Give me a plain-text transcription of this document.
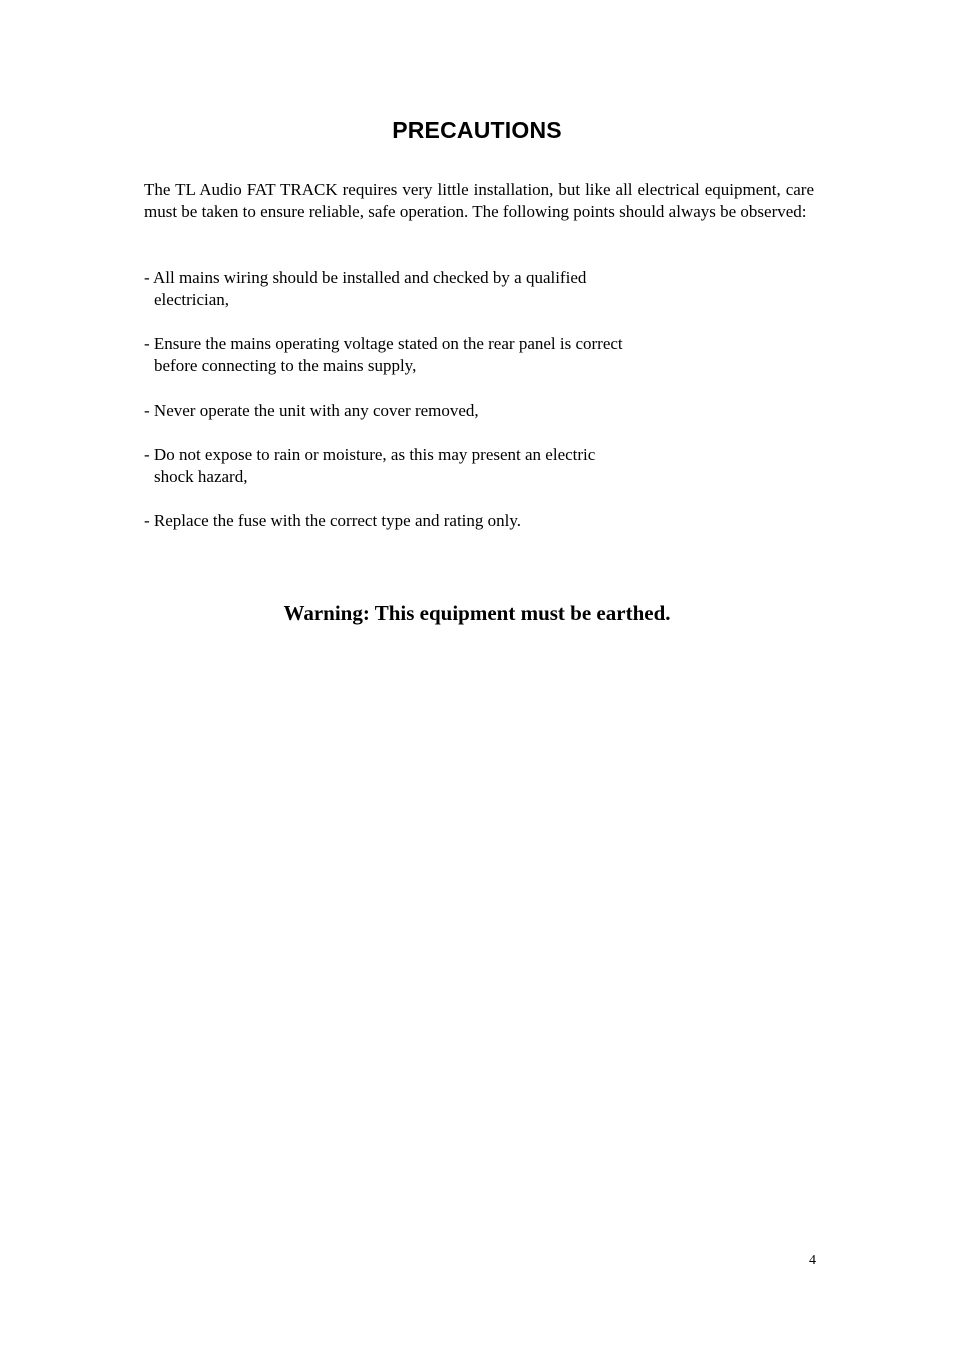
PRECAUTIONS

The TL Audio FAT TRACK requires very little installation, but like all electrical equipment, care must be taken to ensure reliable, safe operation. The following points should always be observed:

- All mains wiring should be installed and checked by a qualified
electrician,

- Ensure the mains operating voltage stated on the rear panel is correct
before connecting to the mains supply,

- Never operate the unit with any cover removed,

- Do not expose to rain or moisture, as this may present an electric
shock hazard,

- Replace the fuse with the correct type and rating only.

Warning: This equipment must be earthed.

4
